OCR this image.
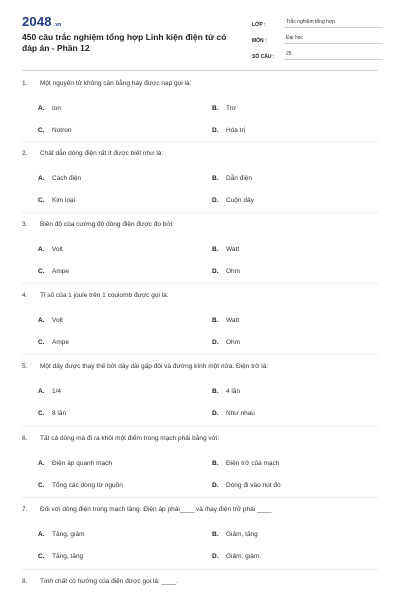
2048 .vn
450 câu trắc nghiệm tổng hợp Linh kiện điện tử có đáp án - Phần 12
LỚP :	Trắc nghiệm tổng hợp
MÔN :	Đại học
SỐ CÂU :	25
1.	Một nguyên tử không cân bằng hay được nạp gọi là:
A.	Ion	B.	Trơ
C.	Notron	D.	Hóa trị
2.	Chất dẫn dòng điện rất ít được biết như là:
A.	Cách điện	B.	Dẫn điện
C.	Kim loại	D.	Cuộn dây
3.	Biên độ của cường độ dòng điện được đo bởi:
A.	Volt	B.	Watt
C.	Ampe	D.	Ohm
4.	Tỉ số của 1 joule trên 1 coulomb được gọi là:
A.	Volt	B.	Watt
C.	Ampe	D.	Ohm
5.	Một dây được thay thế bởi dây dài gấp đôi và đường kính một nửa. Điện trở là:
A.	1/4	B.	4 lần
C.	8 lần	D.	Như nhau
6.	Tất cả dòng mà đi ra khỏi một điểm trong mạch phải bằng với:
A.	Điện áp quanh mạch	B.	Điện trở của mạch
C.	Tổng các dòng từ nguồn	D.	Dòng đi vào nút đó
7.	Đối với dòng điện trong mạch tăng. Điện áp phải____ và /hay điện trở phải ____
A.	Tăng, giảm	B.	Giảm, tăng
C.	Tăng, tăng	D.	Giảm, giảm.
8.	Tính chất có hướng của điện được gọi là: ____.
